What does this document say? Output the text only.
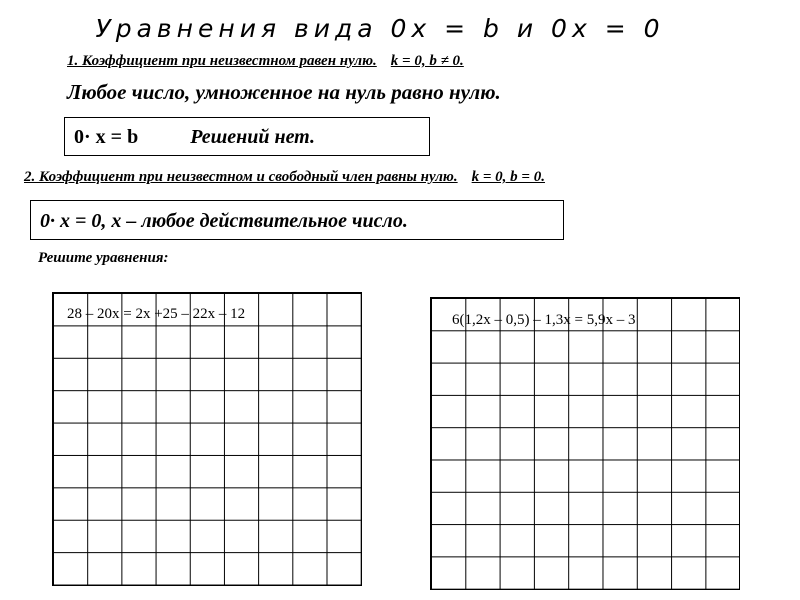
Уравнения вида 0х = b и 0х = 0
1. Коэффициент при неизвестном равен нулю. k = 0, b ≠ 0.
Любое число, умноженное на нуль равно нулю.
0· x = b	Решений нет.
2. Коэффициент при неизвестном и свободный член равны нулю. k = 0, b = 0.
0· x = 0, x – любое действительное число.
Решите уравнения:
28 – 20х = 2х +25 – 22х – 12	6(1,2х – 0,5) – 1,3х = 5,9х – 3
